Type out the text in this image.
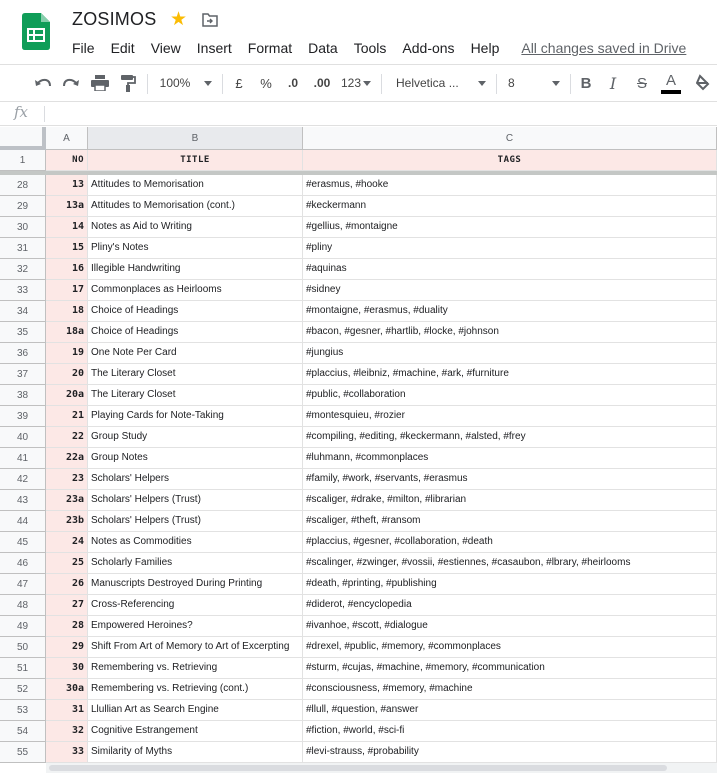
ZOSIMOS ★
File	Edit	View	Insert	Format	Data	Tools	Add-ons	Help	All changes saved in Drive
100%	£	%	.0 .00 123	Helvetica ...	8	B	I	S	A
fx
A	B	C
1	NO	TITLE	TAGS
28	13 Attitudes to Memorisation	#erasmus, #hooke
29	13a Attitudes to Memorisation (cont.)	#keckermann
30	14 Notes as Aid to Writing	#gellius, #montaigne
31	15 Pliny's Notes	#pliny
32	16 Illegible Handwriting	#aquinas
33	17 Commonplaces as Heirlooms	#sidney
34	18 Choice of Headings	#montaigne, #erasmus, #duality
35	18a Choice of Headings	#bacon, #gesner, #hartlib, #locke, #johnson
36	19 One Note Per Card	#jungius
37	20 The Literary Closet	#placcius, #leibniz, #machine, #ark, #furniture
38	20a The Literary Closet	#public, #collaboration
39	21 Playing Cards for Note-Taking	#montesquieu, #rozier
40	22 Group Study	#compiling, #editing, #keckermann, #alsted, #frey
41	22a Group Notes	#luhmann, #commonplaces
42	23 Scholars' Helpers	#family, #work, #servants, #erasmus
43	23a Scholars' Helpers (Trust)	#scaliger, #drake, #milton, #librarian
44	23b Scholars' Helpers (Trust)	#scaliger, #theft, #ransom
45	24 Notes as Commodities	#placcius, #gesner, #collaboration, #death
46	25 Scholarly Families	#scalinger, #zwinger, #vossii, #estiennes, #casaubon, #lbrary, #heirlooms
47	26 Manuscripts Destroyed During Printing	#death, #printing, #publishing
48	27 Cross-Referencing	#diderot, #encyclopedia
49	28 Empowered Heroines?	#ivanhoe, #scott, #dialogue
50	29 Shift From Art of Memory to Art of Excerpting	#drexel, #public, #memory, #commonplaces
51	30 Remembering vs. Retrieving	#sturm, #cujas, #machine, #memory, #communication
52	30a Remembering vs. Retrieving (cont.)	#consciousness, #memory, #machine
53	31 Llullian Art as Search Engine	#llull, #question, #answer
54	32 Cognitive Estrangement	#fiction, #world, #sci-fi
55	33 Similarity of Myths	#levi-strauss, #probability
